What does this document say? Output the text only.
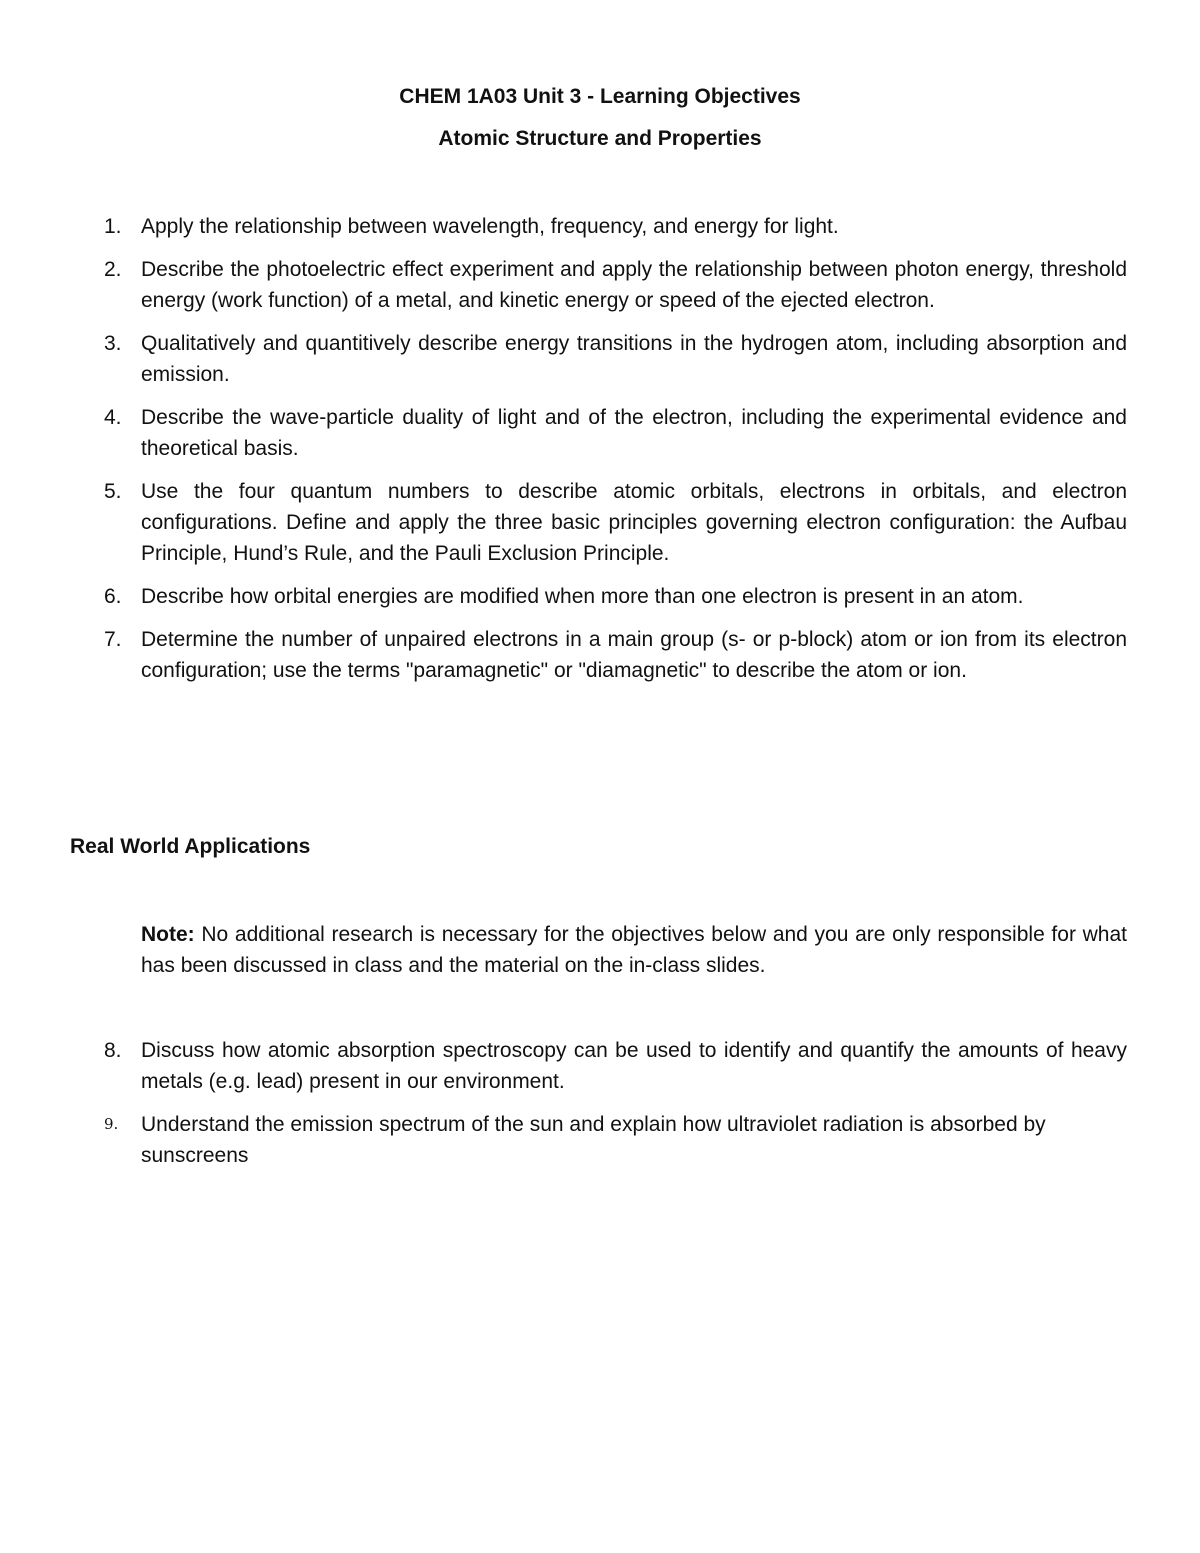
CHEM 1A03 Unit 3 - Learning Objectives
Atomic Structure and Properties
1. Apply the relationship between wavelength, frequency, and energy for light.
2. Describe the photoelectric effect experiment and apply the relationship between photon energy, threshold energy (work function) of a metal, and kinetic energy or speed of the ejected electron.
3. Qualitatively and quantitively describe energy transitions in the hydrogen atom, including absorption and emission.
4. Describe the wave-particle duality of light and of the electron, including the experimental evidence and theoretical basis.
5. Use the four quantum numbers to describe atomic orbitals, electrons in orbitals, and electron configurations. Define and apply the three basic principles governing electron configuration: the Aufbau Principle, Hund’s Rule, and the Pauli Exclusion Principle.
6. Describe how orbital energies are modified when more than one electron is present in an atom.
7. Determine the number of unpaired electrons in a main group (s- or p-block) atom or ion from its electron configuration; use the terms "paramagnetic" or "diamagnetic" to describe the atom or ion.
Real World Applications
Note: No additional research is necessary for the objectives below and you are only responsible for what has been discussed in class and the material on the in-class slides.
8. Discuss how atomic absorption spectroscopy can be used to identify and quantify the amounts of heavy metals (e.g. lead) present in our environment.
9.	Understand the emission spectrum of the sun and explain how ultraviolet radiation is absorbed by sunscreens
